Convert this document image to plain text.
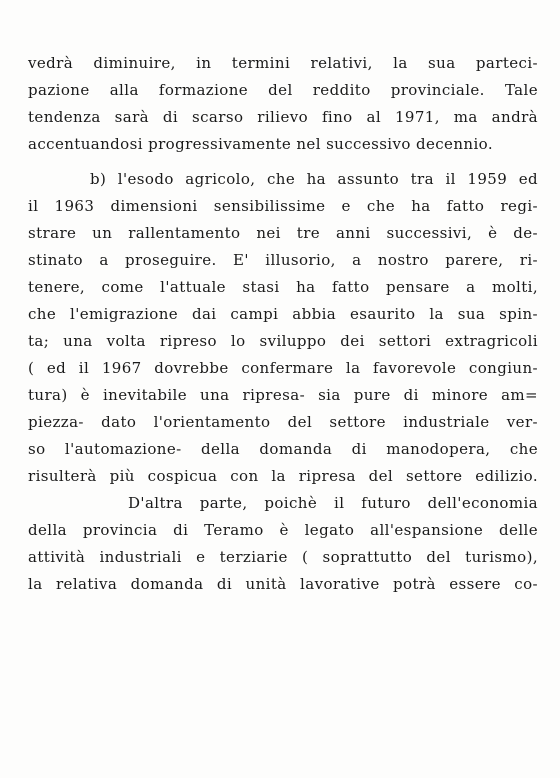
vedrà diminuire, in termini relativi, la sua parteci-
pazione alla formazione del reddito provinciale. Tale
tendenza sarà di scarso rilievo fino al 1971, ma andrà
accentuandosi progressivamente nel successivo decennio.
b) l'esodo agricolo, che ha assunto tra il 1959 ed
il 1963 dimensioni sensibilissime e che ha fatto regi-
strare un rallentamento nei tre anni successivi, è de-
stinato a proseguire. E' illusorio, a nostro parere, ri-
tenere, come l'attuale stasi ha fatto pensare a molti,
che l'emigrazione dai campi abbia esaurito la sua spin-
ta; una volta ripreso lo sviluppo dei settori extragricoli
( ed il 1967 dovrebbe confermare la favorevole congiun-
tura) è inevitabile una ripresa- sia pure di minore am=
piezza- dato l'orientamento del settore industriale ver-
so l'automazione- della domanda di manodopera, che
risulterà più cospicua con la ripresa del settore edilizio.
D'altra parte, poichè il futuro dell'economia
della provincia di Teramo è legato all'espansione delle
attività industriali e terziarie ( soprattutto del turismo),
la relativa domanda di unità lavorative potrà essere co-
